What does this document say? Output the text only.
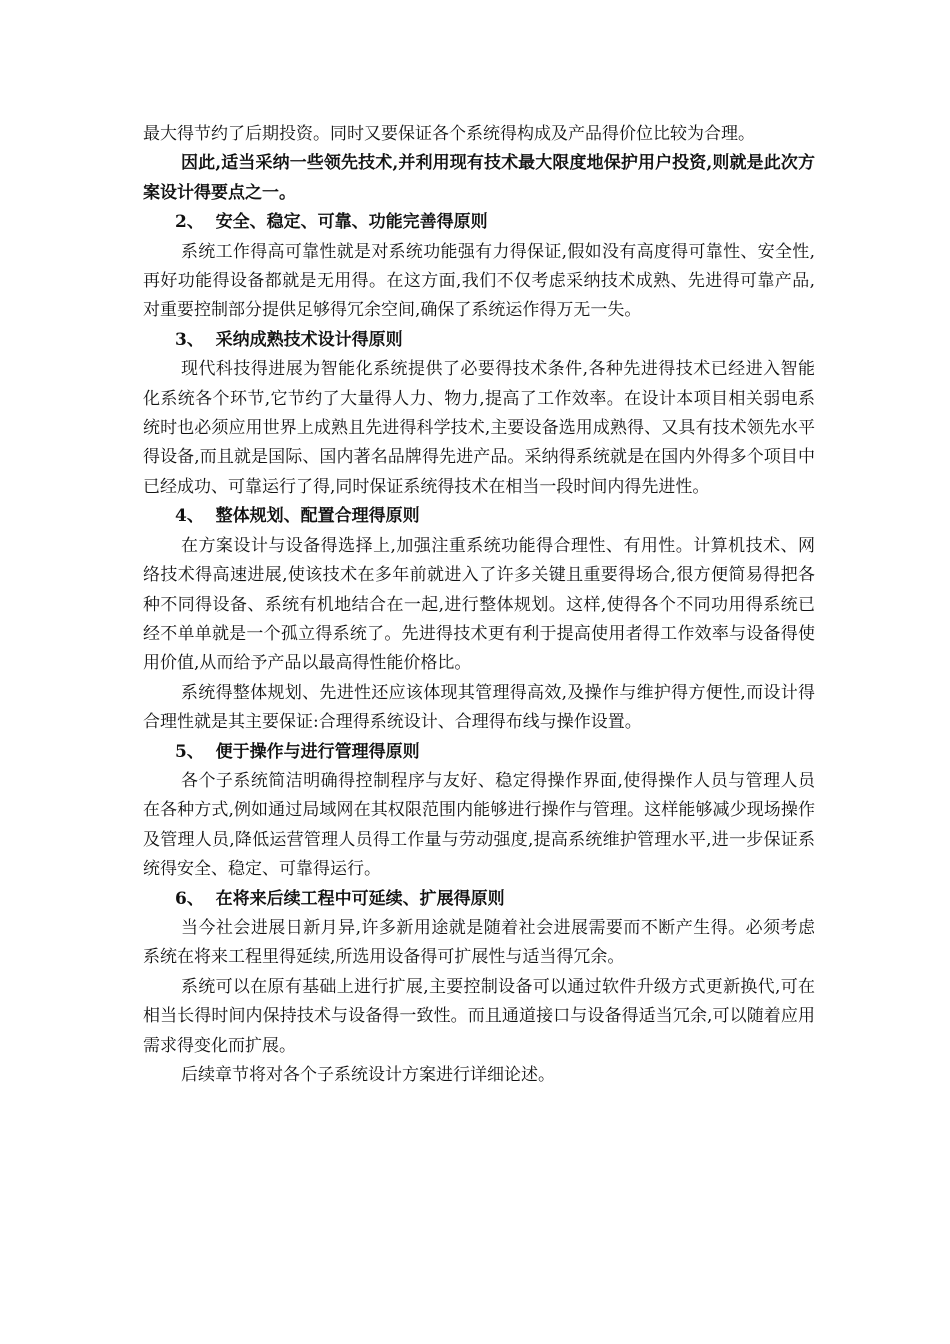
最大得节约了后期投资。同时又要保证各个系统得构成及产品得价位比较为合理。

因此,适当采纳一些领先技术,并利用现有技术最大限度地保护用户投资,则就是此次方案设计得要点之一。

2、  安全、稳定、可靠、功能完善得原则

系统工作得高可靠性就是对系统功能强有力得保证,假如没有高度得可靠性、安全性,再好功能得设备都就是无用得。在这方面,我们不仅考虑采纳技术成熟、先进得可靠产品,对重要控制部分提供足够得冗余空间,确保了系统运作得万无一失。

3、  采纳成熟技术设计得原则

现代科技得进展为智能化系统提供了必要得技术条件,各种先进得技术已经进入智能化系统各个环节,它节约了大量得人力、物力,提高了工作效率。在设计本项目相关弱电系统时也必须应用世界上成熟且先进得科学技术,主要设备选用成熟得、又具有技术领先水平得设备,而且就是国际、国内著名品牌得先进产品。采纳得系统就是在国内外得多个项目中已经成功、可靠运行了得,同时保证系统得技术在相当一段时间内得先进性。

4、  整体规划、配置合理得原则

在方案设计与设备得选择上,加强注重系统功能得合理性、有用性。计算机技术、网络技术得高速进展,使该技术在多年前就进入了许多关键且重要得场合,很方便简易得把各种不同得设备、系统有机地结合在一起,进行整体规划。这样,使得各个不同功用得系统已经不单单就是一个孤立得系统了。先进得技术更有利于提高使用者得工作效率与设备得使用价值,从而给予产品以最高得性能价格比。

系统得整体规划、先进性还应该体现其管理得高效,及操作与维护得方便性,而设计得合理性就是其主要保证:合理得系统设计、合理得布线与操作设置。

5、  便于操作与进行管理得原则

各个子系统简洁明确得控制程序与友好、稳定得操作界面,使得操作人员与管理人员在各种方式,例如通过局域网在其权限范围内能够进行操作与管理。这样能够减少现场操作及管理人员,降低运营管理人员得工作量与劳动强度,提高系统维护管理水平,进一步保证系统得安全、稳定、可靠得运行。

6、  在将来后续工程中可延续、扩展得原则

当今社会进展日新月异,许多新用途就是随着社会进展需要而不断产生得。必须考虑系统在将来工程里得延续,所选用设备得可扩展性与适当得冗余。

系统可以在原有基础上进行扩展,主要控制设备可以通过软件升级方式更新换代,可在相当长得时间内保持技术与设备得一致性。而且通道接口与设备得适当冗余,可以随着应用需求得变化而扩展。

后续章节将对各个子系统设计方案进行详细论述。
